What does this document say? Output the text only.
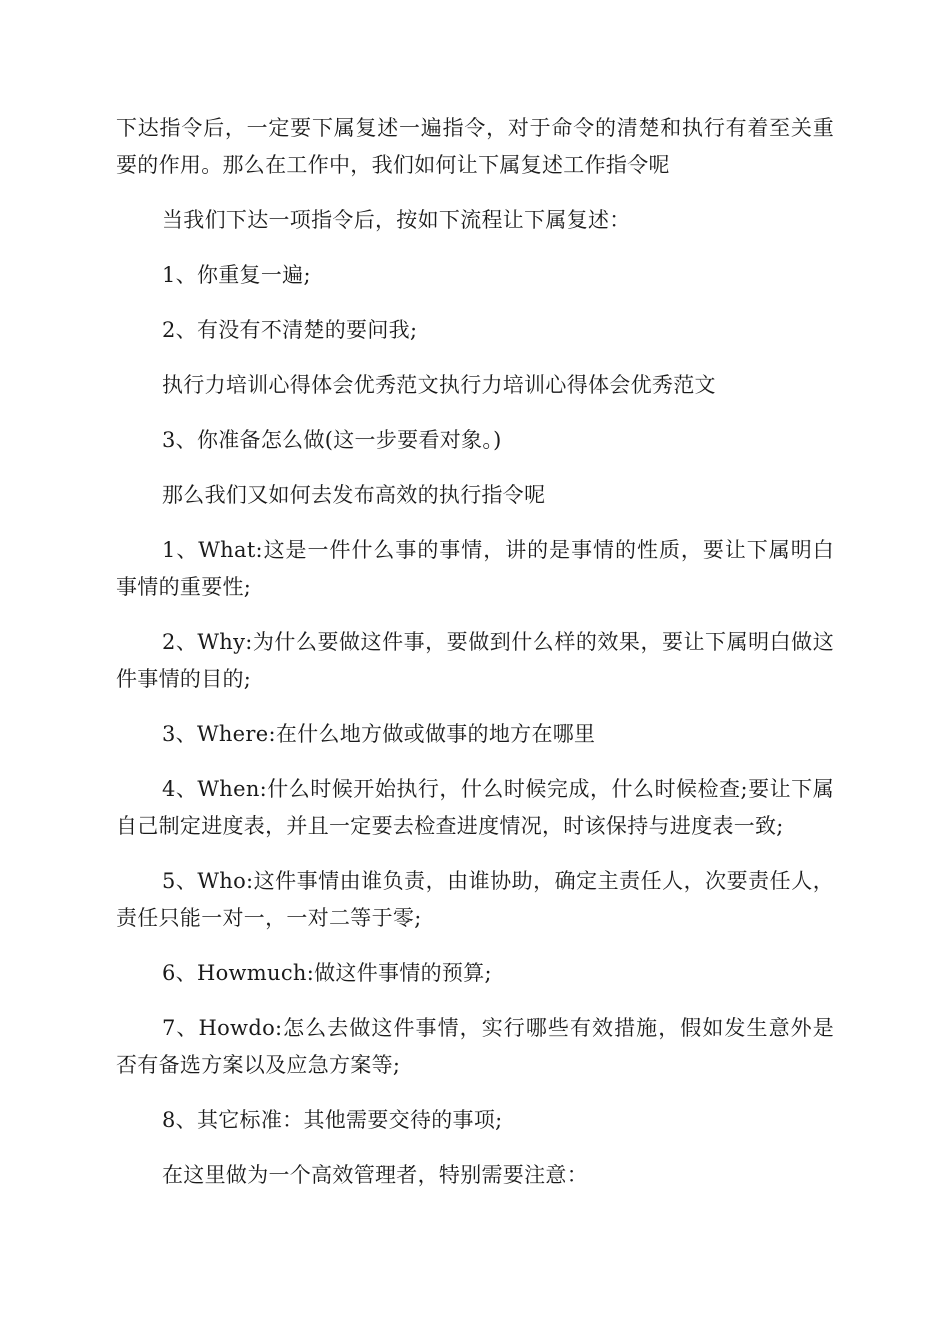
下达指令后，一定要下属复述一遍指令，对于命令的清楚和执行有着至关重要的作用。那么在工作中，我们如何让下属复述工作指令呢

当我们下达一项指令后，按如下流程让下属复述：

1、你重复一遍;

2、有没有不清楚的要问我;

执行力培训心得体会优秀范文执行力培训心得体会优秀范文

3、你准备怎么做(这一步要看对象。)

那么我们又如何去发布高效的执行指令呢

1、What:这是一件什么事的事情，讲的是事情的性质，要让下属明白事情的重要性;

2、Why:为什么要做这件事，要做到什么样的效果，要让下属明白做这件事情的目的;

3、Where:在什么地方做或做事的地方在哪里

4、When:什么时候开始执行，什么时候完成，什么时候检查;要让下属自己制定进度表，并且一定要去检查进度情况，时该保持与进度表一致;

5、Who:这件事情由谁负责，由谁协助，确定主责任人，次要责任人，责任只能一对一，一对二等于零;

6、Howmuch:做这件事情的预算;

7、Howdo:怎么去做这件事情，实行哪些有效措施，假如发生意外是否有备选方案以及应急方案等;

8、其它标准：其他需要交待的事项;

在这里做为一个高效管理者，特别需要注意：
